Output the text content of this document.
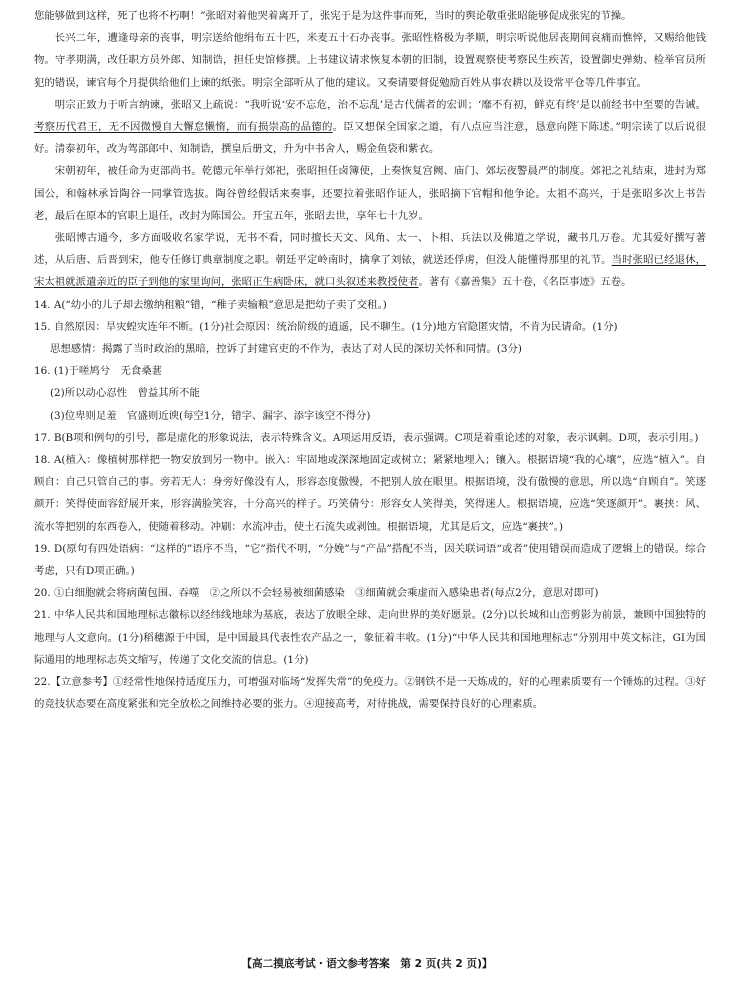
您能够做到这样，死了也将不朽啊！”张昭对着他哭着离开了，张宪于是为这件事而死，当时的舆论敬重张昭能够促成张宪的节操。

长兴二年，遭逢母亲的丧事，明宗送给他绢布五十匹，米麦五十石办丧事。张昭性格极为孝顺，明宗听说他居丧期间哀痛而憔悴，又赐给他钱物。守孝期满，改任职方员外郎、知制诰，担任史馆修撰。上书建议请求恢复本朝的旧制，设置观察使考察民生疾苦，设置御史弹劾、检举官员所犯的错误，谏官每个月提供给他们上谏的纸张。明宗全部听从了他的建议。又奏请要督促勉励百姓从事农耕以及设常平仓等几件事宜。

明宗正致力于听言纳谏，张昭又上疏说：“我听说‘安不忘危，治不忘乱’是古代儒者的宏训；‘靡不有初，鲜克有终’是以前经书中至要的告诫。考察历代君王，无不因微慢自大懈怠懒惰，而有损崇高的品德的。臣又想保全国家之道，有八点应当注意，恳意向陛下陈述。”明宗读了以后说很好。清泰初年，改为驾部郎中、知制诰，撰皇后册文，升为中书舍人，赐金鱼袋和紫衣。

宋朝初年，被任命为吏部尚书。乾德元年举行郊祀，张昭担任卤簿使，上奏恢复宫阙、庙门、郊坛夜警晨严的制度。郊祀之礼结束，进封为郑国公，和翰林承旨陶谷一同掌管选拔。陶谷曾经假话来奏事，还要拉着张昭作证人，张昭摘下官帽和他争论。太祖不高兴，于是张昭多次上书告老，最后在原本的官职上退任，改封为陈国公。开宝五年，张昭去世，享年七十九岁。

张昭博古通今，多方面吸收名家学说，无书不看，同时擅长天文、风角、太一、卜相、兵法以及佛道之学说，藏书几万卷。尤其爱好撰写著述，从后唐、后晋到宋，他专任修订典章制度之职。朝廷平定岭南时，擒拿了刘铱，就送还俘虏，但没人能懂得那里的礼节。当时张昭已经退休，宋太祖就派遣亲近的臣子到他的家里询问，张昭正生病卧床，就口头叙述来教授使者。著有《嘉善集》五十卷，《名臣事迹》五卷。

14. A(“幼小的儿子却去缴纳租粮”错，“稚子卖输粮”意思是把幼子卖了交租。)

15. 自然原因：旱灾蝗灾连年不断。(1分)社会原因：统治阶级的逍遥，民不聊生。(1分)地方官隐匿灾情，不肯为民请命。(1分)

思想感情：揭露了当时政治的黑暗，控诉了封建官吏的不作为，表达了对人民的深切关怀和同情。(3分)

16. (1)于嗟鸠兮　无食桑葚

(2)所以动心忍性　曾益其所不能

(3)位卑则足羞　官盛则近谀(每空1分，错字、漏字、添字该空不得分)

17. B(B项和例句的引号，都是虚化的形象说法，表示特殊含义。A项运用反语，表示强调。C项是着重论述的对象，表示讽刺。D项，表示引用。)

18. A(植入：像植树那样把一物安放到另一物中。嵌入：牢固地或深深地固定或树立；紧紧地埋入；镶入。根据语境“我的心壤”，应选“植入”。自顾自：自己只管自己的事。旁若无人：身旁好像没有人，形容态度傲慢，不把别人放在眼里。根据语境，没有傲慢的意思，所以选“自顾自”。笑逐颜开：笑得使面容舒展开来，形容满脸笑容，十分高兴的样子。巧笑倩兮：形容女人笑得美，笑得迷人。根据语境，应选“笑逐颜开”。裹挟：风、流水等把别的东西卷入，使随着移动。冲刷：水流冲击，使土石流失或剥蚀。根据语境，尤其是后文，应选“裹挟”。)

19. D(原句有四处语病：“这样的”语序不当，“它”指代不明，“分娩”与“产品”搭配不当，因关联词语“或者”使用错误而造成了逻辑上的错误。综合考虑，只有D项正确。)

20. ①白细胞就会将病菌包围、吞噬　②之所以不会轻易被细菌感染　③细菌就会乘虚而入感染患者(每点2分，意思对即可)

21. 中华人民共和国地理标志徽标以经纬线地球为基底，表达了放眼全球、走向世界的美好愿景。(2分)以长城和山峦剪影为前景，兼顾中国独特的地理与人文意向。(1分)稻穗源于中国，是中国最具代表性农产品之一，象征着丰收。(1分)“中华人民共和国地理标志”分别用中英文标注，GI为国际通用的地理标志英文缩写，传递了文化交流的信息。(1分)

22.【立意参考】①经常性地保持适度压力，可增强对临场“发挥失常”的免疫力。②钢铁不是一天炼成的，好的心理素质要有一个锤炼的过程。③好的竞技状态要在高度紧张和完全放松之间维持必要的张力。④迎接高考，对待挑战，需要保持良好的心理素质。

【高二摸底考试・语文参考答案　第 2 页(共 2 页)】
